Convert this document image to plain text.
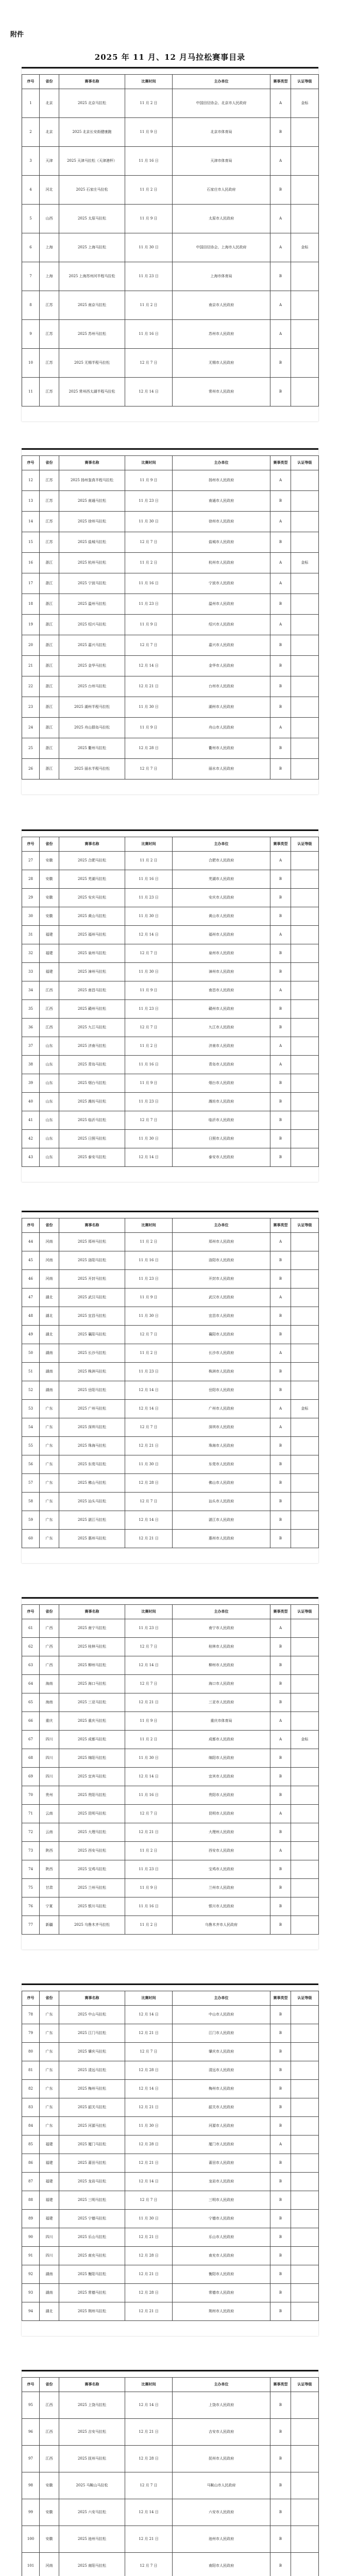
附件
2025 年 11 月、12 月马拉松赛事目录
序号	省份	赛事名称	比赛时间	主办单位	赛事类型	认证等级
1	北京	2025 北京马拉松	11 月 2 日	中国田径协会、北京市人民政府	A	金标
2	北京	2025 北京长安街健康跑	11 月 9 日	北京市体育局	B	
3	天津	2025 天津马拉松（天津港杯）	11 月 16 日	天津市体育局	A	
4	河北	2025 石家庄马拉松	11 月 2 日	石家庄市人民政府	B	
5	山西	2025 太原马拉松	11 月 9 日	太原市人民政府	A	
6	上海	2025 上海马拉松	11 月 30 日	中国田径协会、上海市人民政府	A	金标
7	上海	2025 上海苏州河半程马拉松	11 月 23 日	上海市体育局	B	
8	江苏	2025 南京马拉松	11 月 2 日	南京市人民政府	A	
9	江苏	2025 苏州马拉松	11 月 16 日	苏州市人民政府	A	
10	江苏	2025 无锡半程马拉松	12 月 7 日	无锡市人民政府	B	
11	江苏	2025 常州西太湖半程马拉松	12 月 14 日	常州市人民政府	B	
序号	省份	赛事名称	比赛时间	主办单位	赛事类型	认证等级
12	江苏	2025 扬州鉴真半程马拉松	11 月 9 日	扬州市人民政府	A	
13	江苏	2025 南通马拉松	11 月 23 日	南通市人民政府	B	
14	江苏	2025 徐州马拉松	11 月 30 日	徐州市人民政府	A	
15	江苏	2025 盐城马拉松	12 月 7 日	盐城市人民政府	B	
16	浙江	2025 杭州马拉松	11 月 2 日	杭州市人民政府	A	金标
17	浙江	2025 宁波马拉松	11 月 16 日	宁波市人民政府	A	
18	浙江	2025 温州马拉松	11 月 23 日	温州市人民政府	B	
19	浙江	2025 绍兴马拉松	11 月 9 日	绍兴市人民政府	A	
20	浙江	2025 嘉兴马拉松	12 月 7 日	嘉兴市人民政府	B	
21	浙江	2025 金华马拉松	12 月 14 日	金华市人民政府	B	
22	浙江	2025 台州马拉松	12 月 21 日	台州市人民政府	B	
23	浙江	2025 湖州半程马拉松	11 月 30 日	湖州市人民政府	B	
24	浙江	2025 舟山群岛马拉松	11 月 9 日	舟山市人民政府	A	
25	浙江	2025 衢州马拉松	12 月 28 日	衢州市人民政府	B	
26	浙江	2025 丽水半程马拉松	12 月 7 日	丽水市人民政府	B	
序号	省份	赛事名称	比赛时间	主办单位	赛事类型	认证等级
27	安徽	2025 合肥马拉松	11 月 2 日	合肥市人民政府	A	
28	安徽	2025 芜湖马拉松	11 月 16 日	芜湖市人民政府	B	
29	安徽	2025 安庆马拉松	11 月 23 日	安庆市人民政府	B	
30	安徽	2025 黄山马拉松	11 月 30 日	黄山市人民政府	B	
31	福建	2025 福州马拉松	12 月 14 日	福州市人民政府	A	
32	福建	2025 泉州马拉松	12 月 7 日	泉州市人民政府	B	
33	福建	2025 漳州马拉松	11 月 30 日	漳州市人民政府	B	
34	江西	2025 南昌马拉松	11 月 9 日	南昌市人民政府	A	
35	江西	2025 赣州马拉松	11 月 23 日	赣州市人民政府	B	
36	江西	2025 九江马拉松	12 月 7 日	九江市人民政府	B	
37	山东	2025 济南马拉松	11 月 2 日	济南市人民政府	A	
38	山东	2025 青岛马拉松	11 月 16 日	青岛市人民政府	A	
39	山东	2025 烟台马拉松	11 月 9 日	烟台市人民政府	B	
40	山东	2025 潍坊马拉松	11 月 23 日	潍坊市人民政府	B	
41	山东	2025 临沂马拉松	12 月 7 日	临沂市人民政府	B	
42	山东	2025 日照马拉松	11 月 30 日	日照市人民政府	B	
43	山东	2025 泰安马拉松	12 月 14 日	泰安市人民政府	B	
序号	省份	赛事名称	比赛时间	主办单位	赛事类型	认证等级
44	河南	2025 郑州马拉松	11 月 2 日	郑州市人民政府	A	
45	河南	2025 洛阳马拉松	11 月 16 日	洛阳市人民政府	B	
46	河南	2025 开封马拉松	11 月 23 日	开封市人民政府	B	
47	湖北	2025 武汉马拉松	11 月 9 日	武汉市人民政府	A	
48	湖北	2025 宜昌马拉松	11 月 30 日	宜昌市人民政府	B	
49	湖北	2025 襄阳马拉松	12 月 7 日	襄阳市人民政府	B	
50	湖南	2025 长沙马拉松	11 月 2 日	长沙市人民政府	A	
51	湖南	2025 株洲马拉松	11 月 23 日	株洲市人民政府	B	
52	湖南	2025 岳阳马拉松	12 月 14 日	岳阳市人民政府	B	
53	广东	2025 广州马拉松	12 月 14 日	广州市人民政府	A	金标
54	广东	2025 深圳马拉松	12 月 7 日	深圳市人民政府	A	
55	广东	2025 珠海马拉松	12 月 21 日	珠海市人民政府	B	
56	广东	2025 东莞马拉松	11 月 30 日	东莞市人民政府	B	
57	广东	2025 佛山马拉松	12 月 28 日	佛山市人民政府	B	
58	广东	2025 汕头马拉松	12 月 7 日	汕头市人民政府	B	
59	广东	2025 湛江马拉松	12 月 14 日	湛江市人民政府	B	
60	广东	2025 惠州马拉松	12 月 21 日	惠州市人民政府	B	
序号	省份	赛事名称	比赛时间	主办单位	赛事类型	认证等级
61	广西	2025 南宁马拉松	11 月 23 日	南宁市人民政府	A	
62	广西	2025 桂林马拉松	12 月 7 日	桂林市人民政府	B	
63	广西	2025 柳州马拉松	12 月 14 日	柳州市人民政府	B	
64	海南	2025 海口马拉松	12 月 7 日	海口市人民政府	B	
65	海南	2025 三亚马拉松	12 月 21 日	三亚市人民政府	B	
66	重庆	2025 重庆马拉松	11 月 9 日	重庆市体育局	A	
67	四川	2025 成都马拉松	11 月 2 日	成都市人民政府	A	金标
68	四川	2025 绵阳马拉松	11 月 30 日	绵阳市人民政府	B	
69	四川	2025 宜宾马拉松	12 月 14 日	宜宾市人民政府	B	
70	贵州	2025 贵阳马拉松	11 月 16 日	贵阳市人民政府	B	
71	云南	2025 昆明马拉松	12 月 7 日	昆明市人民政府	A	
72	云南	2025 大理马拉松	12 月 21 日	大理州人民政府	B	
73	陕西	2025 西安马拉松	11 月 2 日	西安市人民政府	A	
74	陕西	2025 宝鸡马拉松	11 月 23 日	宝鸡市人民政府	B	
75	甘肃	2025 兰州马拉松	11 月 9 日	兰州市人民政府	B	
76	宁夏	2025 银川马拉松	11 月 16 日	银川市人民政府	B	
77	新疆	2025 乌鲁木齐马拉松	11 月 2 日	乌鲁木齐市人民政府	B	
序号	省份	赛事名称	比赛时间	主办单位	赛事类型	认证等级
78	广东	2025 中山马拉松	12 月 14 日	中山市人民政府	B	
79	广东	2025 江门马拉松	12 月 21 日	江门市人民政府	B	
80	广东	2025 肇庆马拉松	12 月 7 日	肇庆市人民政府	B	
81	广东	2025 清远马拉松	12 月 28 日	清远市人民政府	B	
82	广东	2025 梅州马拉松	12 月 14 日	梅州市人民政府	B	
83	广东	2025 韶关马拉松	12 月 21 日	韶关市人民政府	B	
84	广东	2025 河源马拉松	11 月 30 日	河源市人民政府	B	
85	福建	2025 厦门马拉松	12 月 28 日	厦门市人民政府	A	
86	福建	2025 莆田马拉松	12 月 21 日	莆田市人民政府	B	
87	福建	2025 龙岩马拉松	12 月 14 日	龙岩市人民政府	B	
88	福建	2025 三明马拉松	12 月 7 日	三明市人民政府	B	
89	福建	2025 宁德马拉松	11 月 30 日	宁德市人民政府	B	
90	四川	2025 乐山马拉松	12 月 21 日	乐山市人民政府	B	
91	四川	2025 南充马拉松	12 月 28 日	南充市人民政府	B	
92	湖南	2025 衡阳马拉松	12 月 21 日	衡阳市人民政府	B	
93	湖南	2025 常德马拉松	12 月 28 日	常德市人民政府	B	
94	湖北	2025 荆州马拉松	12 月 21 日	荆州市人民政府	B	
序号	省份	赛事名称	比赛时间	主办单位	赛事类型	认证等级
95	江西	2025 上饶马拉松	12 月 14 日	上饶市人民政府	B	
96	江西	2025 吉安马拉松	12 月 21 日	吉安市人民政府	B	
97	江西	2025 抚州马拉松	12 月 28 日	抚州市人民政府	B	
98	安徽	2025 马鞍山马拉松	12 月 7 日	马鞍山市人民政府	B	
99	安徽	2025 六安马拉松	12 月 14 日	六安市人民政府	B	
100	安徽	2025 池州马拉松	12 月 21 日	池州市人民政府	B	
101	河南	2025 南阳马拉松	12 月 7 日	南阳市人民政府	B	
